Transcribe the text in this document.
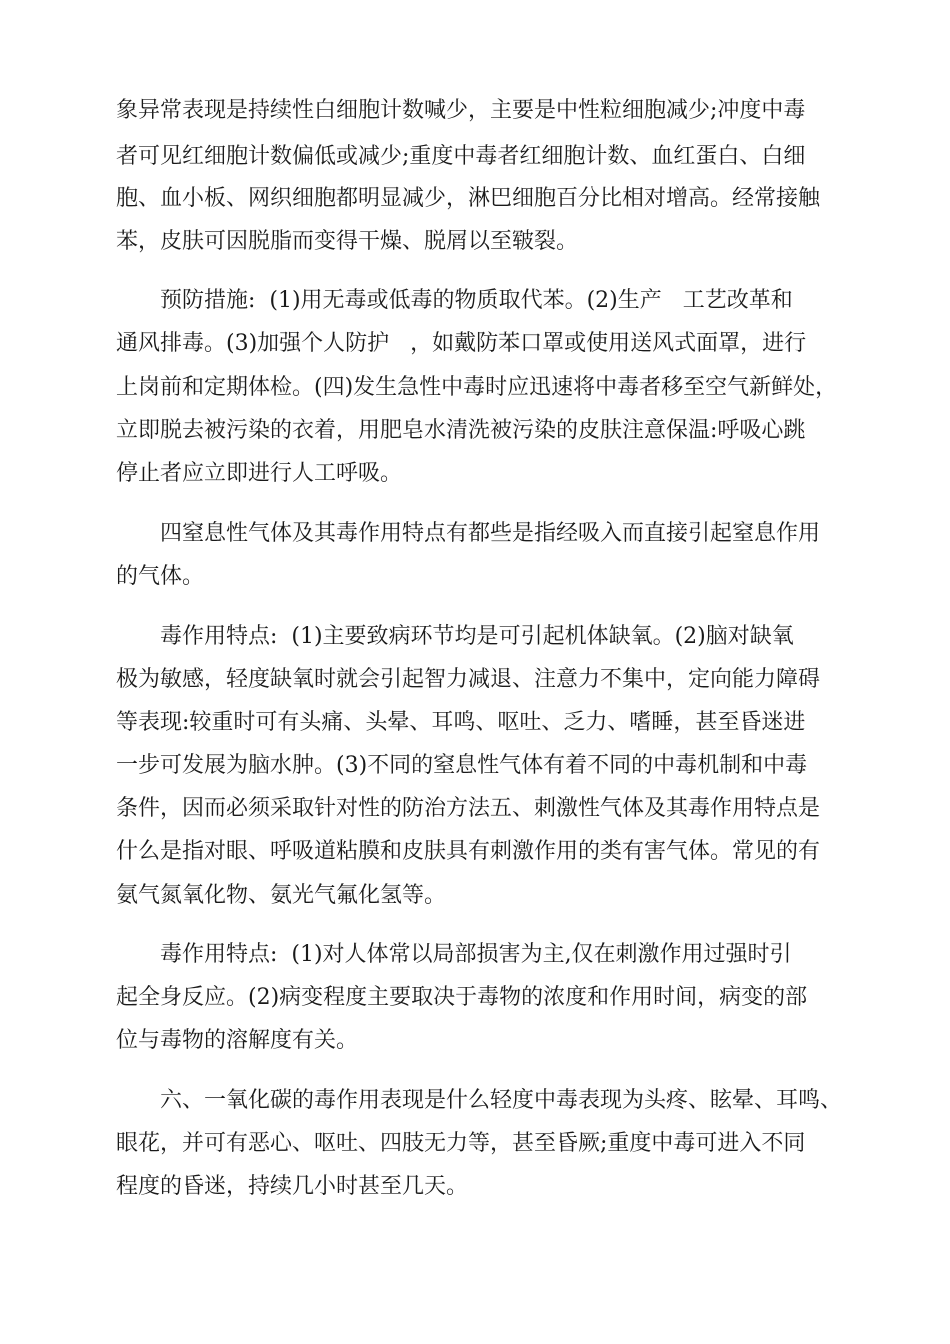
象异常表现是持续性白细胞计数喊少，主要是中性粒细胞减少;冲度中毒
者可见红细胞计数偏低或减少;重度中毒者红细胞计数、血红蛋白、白细
胞、血小板、网织细胞都明显减少，淋巴细胞百分比相对增高。经常接触
苯，皮肤可因脱脂而变得干燥、脱屑以至皲裂。
预防措施:  (1)用无毒或低毒的物质取代苯。(2)生产   工艺改革和
通风排毒。(3)加强个人防护   ，如戴防苯口罩或使用送风式面罩，进行
上岗前和定期体检。(四)发生急性中毒时应迅速将中毒者移至空气新鲜处，
立即脱去被污染的衣着，用肥皂水清洗被污染的皮肤注意保温:呼吸心跳
停止者应立即进行人工呼吸。
四窒息性气体及其毒作用特点有都些是指经吸入而直接引起窒息作用
的气体。
毒作用特点:  (1)主要致病环节均是可引起机体缺氧。(2)脑对缺氧
极为敏感，轻度缺氧时就会引起智力减退、注意力不集中，定向能力障碍
等表现:较重时可有头痛、头晕、耳鸣、呕吐、乏力、嗜睡，甚至昏迷进
一步可发展为脑水肿。(3)不同的窒息性气体有着不同的中毒机制和中毒
条件，因而必须采取针对性的防治方法五、刺激性气体及其毒作用特点是
什么是指对眼、呼吸道粘膜和皮肤具有刺激作用的类有害气体。常见的有
氨气氮氧化物、氨光气氟化氢等。
毒作用特点:  (1)对人体常以局部损害为主,仅在刺激作用过强时引
起全身反应。(2)病变程度主要取决于毒物的浓度和作用时间，病变的部
位与毒物的溶解度有关。
六、一氧化碳的毒作用表现是什么轻度中毒表现为头疼、眩晕、耳鸣、
眼花，并可有恶心、呕吐、四肢无力等，甚至昏厥;重度中毒可进入不同
程度的昏迷，持续几小时甚至几天。
